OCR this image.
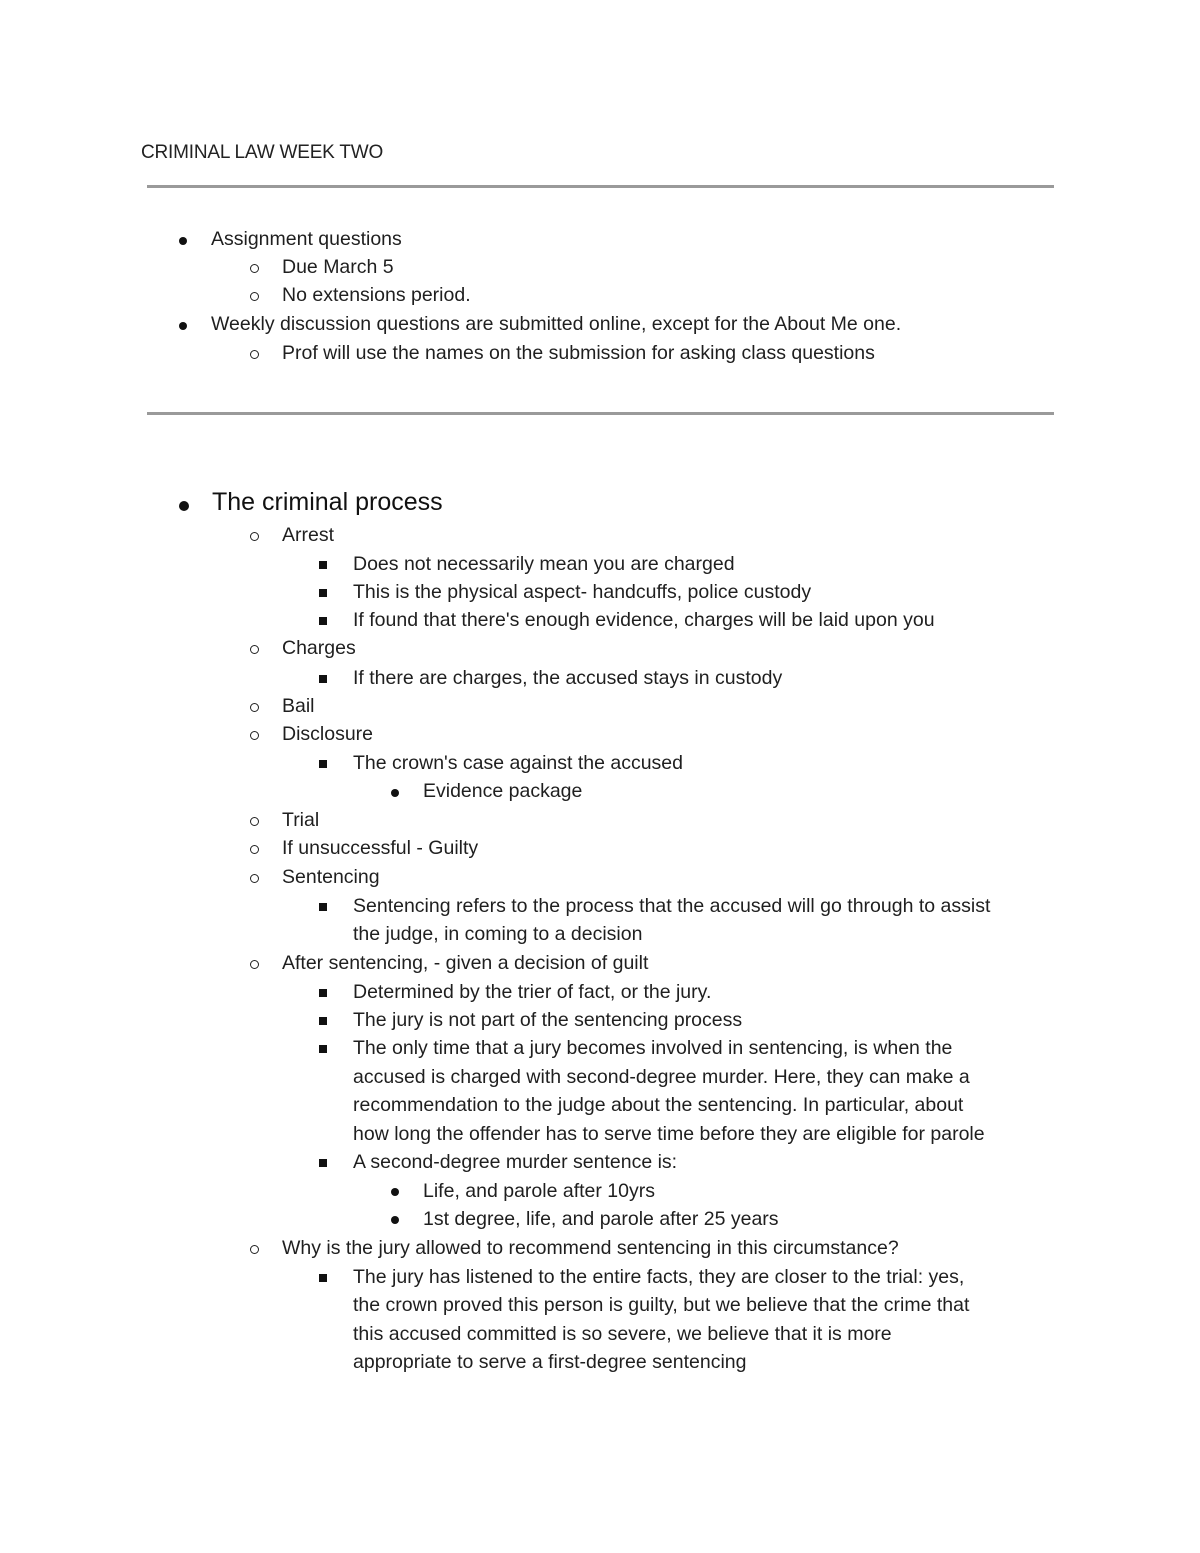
CRIMINAL LAW WEEK TWO
Assignment questions
Due March 5
No extensions period.
Weekly discussion questions are submitted online, except for the About Me one.
Prof will use the names on the submission for asking class questions
The criminal process
Arrest
Does not necessarily mean you are charged
This is the physical aspect- handcuffs, police custody
If found that there's enough evidence, charges will be laid upon you
Charges
If there are charges, the accused stays in custody
Bail
Disclosure
The crown's case against the accused
Evidence package
Trial
If unsuccessful - Guilty
Sentencing
Sentencing refers to the process that the accused will go through to assist
the judge, in coming to a decision
After sentencing, - given a decision of guilt
Determined by the trier of fact, or the jury.
The jury is not part of the sentencing process
The only time that a jury becomes involved in sentencing, is when the
accused is charged with second-degree murder. Here, they can make a
recommendation to the judge about the sentencing. In particular, about
how long the offender has to serve time before they are eligible for parole
A second-degree murder sentence is:
Life, and parole after 10yrs
1st degree, life, and parole after 25 years
Why is the jury allowed to recommend sentencing in this circumstance?
The jury has listened to the entire facts, they are closer to the trial: yes,
the crown proved this person is guilty, but we believe that the crime that
this accused committed is so severe, we believe that it is more
appropriate to serve a first-degree sentencing
